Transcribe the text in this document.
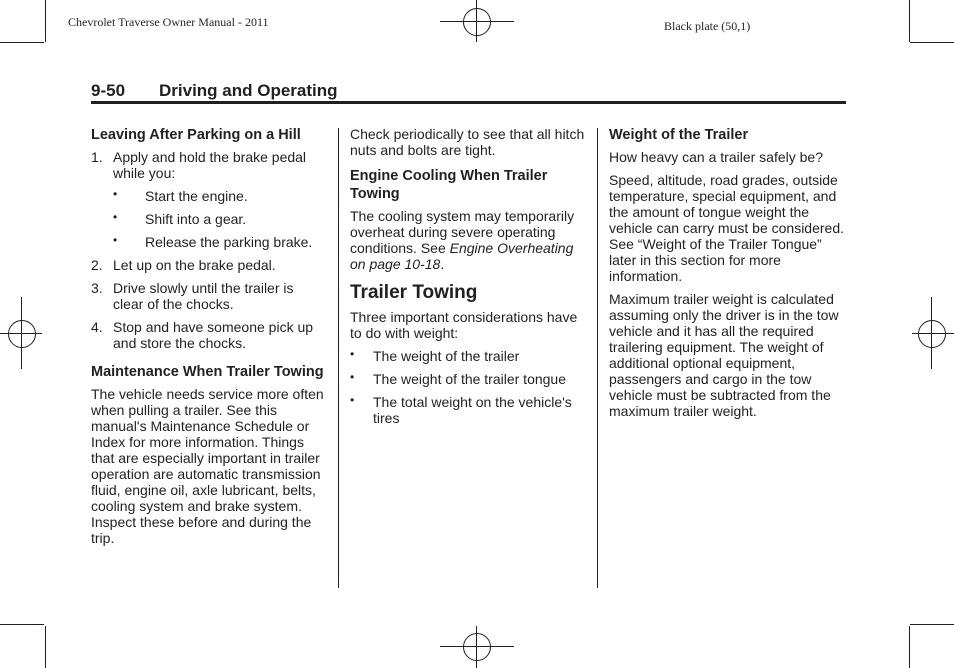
Chevrolet Traverse Owner Manual - 2011	Black plate (50,1)
9-50 Driving and Operating

Leaving After Parking on a Hill

1. Apply and hold the brake pedal while you:
• Start the engine.
• Shift into a gear.
• Release the parking brake.
2. Let up on the brake pedal.
3. Drive slowly until the trailer is clear of the chocks.
4. Stop and have someone pick up and store the chocks.

Maintenance When Trailer Towing

The vehicle needs service more often when pulling a trailer. See this manual's Maintenance Schedule or Index for more information. Things that are especially important in trailer operation are automatic transmission fluid, engine oil, axle lubricant, belts, cooling system and brake system. Inspect these before and during the trip.

Check periodically to see that all hitch nuts and bolts are tight.

Engine Cooling When Trailer Towing

The cooling system may temporarily overheat during severe operating conditions. See Engine Overheating on page 10-18.

Trailer Towing

Three important considerations have to do with weight:

• The weight of the trailer
• The weight of the trailer tongue
• The total weight on the vehicle's tires

Weight of the Trailer

How heavy can a trailer safely be?

Speed, altitude, road grades, outside temperature, special equipment, and the amount of tongue weight the vehicle can carry must be considered. See “Weight of the Trailer Tongue” later in this section for more information.

Maximum trailer weight is calculated assuming only the driver is in the tow vehicle and it has all the required trailering equipment. The weight of additional optional equipment, passengers and cargo in the tow vehicle must be subtracted from the maximum trailer weight.
